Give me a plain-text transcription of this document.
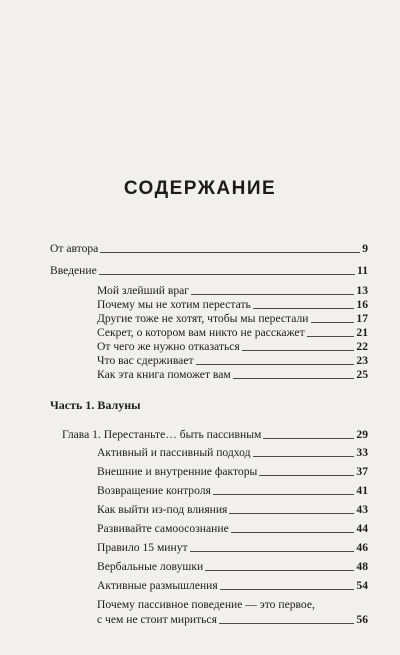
СОДЕРЖАНИЕ
От автора	9
Введение	11
Мой злейший враг	13
Почему мы не хотим перестать	16
Другие тоже не хотят, чтобы мы перестали	17
Секрет, о котором вам никто не расскажет	21
От чего же нужно отказаться	22
Что вас сдерживает	23
Как эта книга поможет вам	25
Часть 1. Валуны
Глава 1. Перестаньте… быть пассивным	29
Активный и пассивный подход	33
Внешние и внутренние факторы	37
Возвращение контроля	41
Как выйти из-под влияния	43
Развивайте самоосознание	44
Правило 15 минут	46
Вербальные ловушки	48
Активные размышления	54
Почему пассивное поведение — это первое,
с чем не стоит мириться	56
